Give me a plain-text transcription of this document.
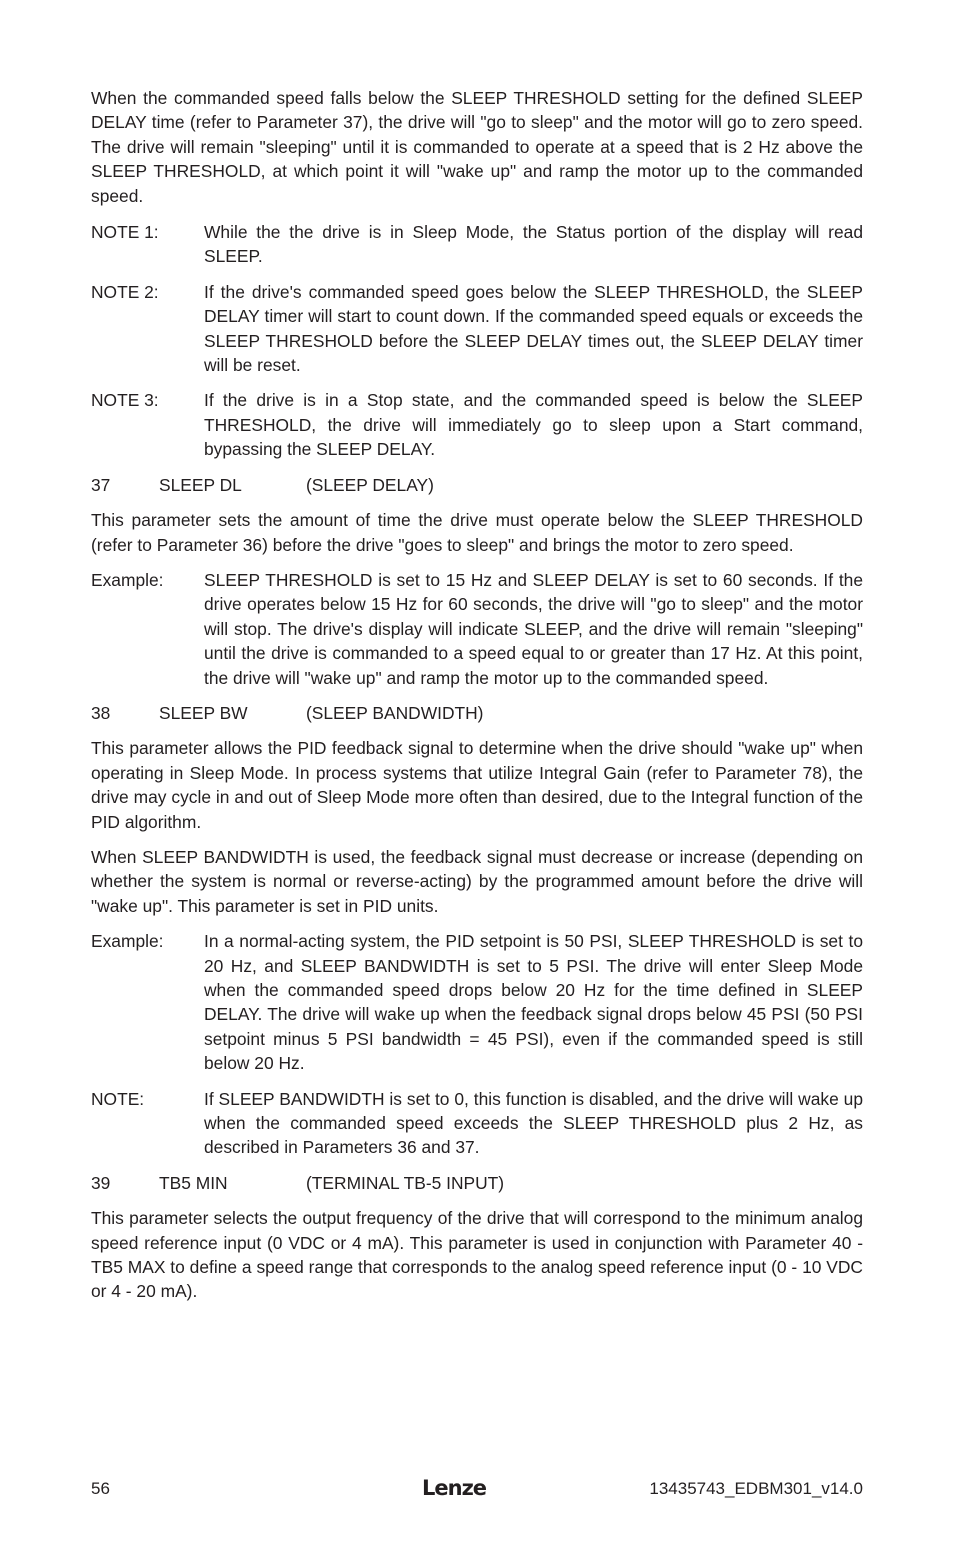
When the commanded speed falls below the SLEEP THRESHOLD setting for the defined SLEEP DELAY time (refer to Parameter 37), the drive will "go to sleep" and the motor will go to zero speed. The drive will remain "sleeping" until it is commanded to operate at a speed that is 2 Hz above the SLEEP THRESHOLD, at which point it will "wake up" and ramp the motor up to the commanded speed.

NOTE 1:	While the the drive is in Sleep Mode, the Status portion of the display will read SLEEP.
NOTE 2:	If the drive's commanded speed goes below the SLEEP THRESHOLD, the SLEEP DELAY timer will start to count down. If the commanded speed equals or exceeds the SLEEP THRESHOLD before the SLEEP DELAY times out, the SLEEP DELAY timer will be reset.
NOTE 3:	If the drive is in a Stop state, and the commanded speed is below the SLEEP THRESHOLD, the drive will immediately go to sleep upon a Start command, bypassing the SLEEP DELAY.
37	SLEEP DL	(SLEEP DELAY)

This parameter sets the amount of time the drive must operate below the SLEEP THRESHOLD (refer to Parameter 36) before the drive "goes to sleep" and brings the motor to zero speed.

Example:	SLEEP THRESHOLD is set to 15 Hz and SLEEP DELAY is set to 60 seconds. If the drive operates below 15 Hz for 60 seconds, the drive will "go to sleep" and the motor will stop. The drive's display will indicate SLEEP, and the drive will remain "sleeping" until the drive is commanded to a speed equal to or greater than 17 Hz. At this point, the drive will "wake up" and ramp the motor up to the commanded speed.
38	SLEEP BW	(SLEEP BANDWIDTH)

This parameter allows the PID feedback signal to determine when the drive should "wake up" when operating in Sleep Mode. In process systems that utilize Integral Gain (refer to Parameter 78), the drive may cycle in and out of Sleep Mode more often than desired, due to the Integral function of the PID algorithm.

When SLEEP BANDWIDTH is used, the feedback signal must decrease or increase (depending on whether the system is normal or reverse-acting) by the programmed amount before the drive will "wake up". This parameter is set in PID units.

Example:	In a normal-acting system, the PID setpoint is 50 PSI, SLEEP THRESHOLD is set to 20 Hz, and SLEEP BANDWIDTH is set to 5 PSI. The drive will enter Sleep Mode when the commanded speed drops below 20 Hz for the time defined in SLEEP DELAY. The drive will wake up when the feedback signal drops below 45 PSI (50 PSI setpoint minus 5 PSI bandwidth = 45 PSI), even if the commanded speed is still below 20 Hz.
NOTE:	If SLEEP BANDWIDTH is set to 0, this function is disabled, and the drive will wake up when the commanded speed exceeds the SLEEP THRESHOLD plus 2 Hz, as described in Parameters 36 and 37.
39	TB5 MIN	(TERMINAL TB-5 INPUT)

This parameter selects the output frequency of the drive that will correspond to the minimum analog speed reference input (0 VDC or 4 mA). This parameter is used in conjunction with Parameter 40 - TB5 MAX to define a speed range that corresponds to the analog speed reference input (0 - 10 VDC or 4 - 20 mA).

56	Lenze	13435743_EDBM301_v14.0
